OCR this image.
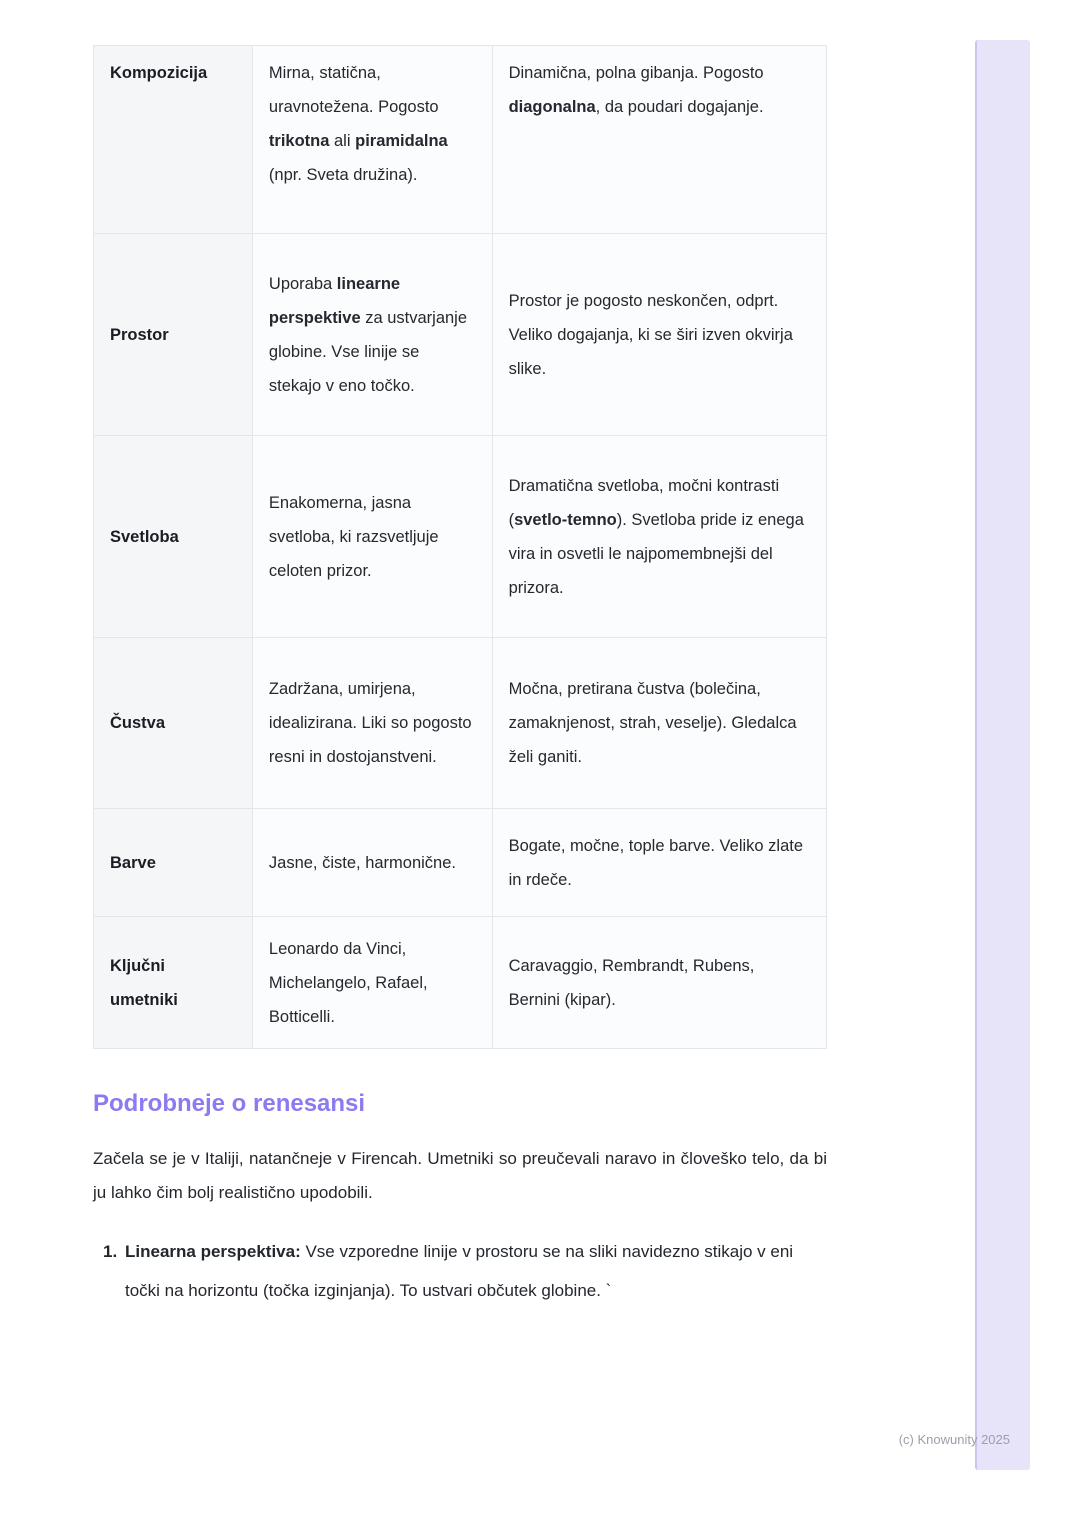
Kompozicija	Mirna, statična, uravnotežena. Pogosto trikotna ali piramidalna (npr. Sveta družina).	Dinamična, polna gibanja. Pogosto diagonalna, da poudari dogajanje.
Prostor	Uporaba linearne perspektive za ustvarjanje globine. Vse linije se stekajo v eno točko.	Prostor je pogosto neskončen, odprt. Veliko dogajanja, ki se širi izven okvirja slike.
Svetloba	Enakomerna, jasna svetloba, ki razsvetljuje celoten prizor.	Dramatična svetloba, močni kontrasti (svetlo-temno). Svetloba pride iz enega vira in osvetli le najpomembnejši del prizora.
Čustva	Zadržana, umirjena, idealizirana. Liki so pogosto resni in dostojanstveni.	Močna, pretirana čustva (bolečina, zamaknjenost, strah, veselje). Gledalca želi ganiti.
Barve	Jasne, čiste, harmonične.	Bogate, močne, tople barve. Veliko zlate in rdeče.
Ključni umetniki	Leonardo da Vinci, Michelangelo, Rafael, Botticelli.	Caravaggio, Rembrandt, Rubens, Bernini (kipar).
Podrobneje o renesansi
Začela se je v Italiji, natančneje v Firencah. Umetniki so preučevali naravo in človeško telo, da bi ju lahko čim bolj realistično upodobili.
1. Linearna perspektiva: Vse vzporedne linije v prostoru se na sliki navidezno stikajo v eni točki na horizontu (točka izginjanja). To ustvari občutek globine. `
(c) Knowunity 2025
